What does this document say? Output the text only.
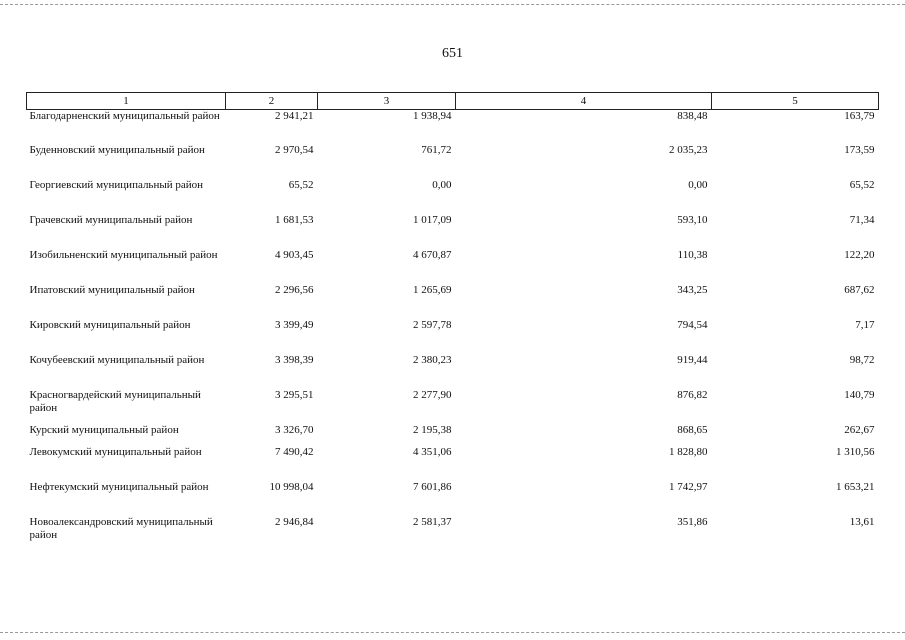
651
1	2	3	4	5
Благодарненский муниципальный район	2 941,21	1 938,94	838,48	163,79
Буденновский муниципальный район	2 970,54	761,72	2 035,23	173,59
Георгиевский муниципальный район	65,52	0,00	0,00	65,52
Грачевский муниципальный район	1 681,53	1 017,09	593,10	71,34
Изобильненский муниципальный район	4 903,45	4 670,87	110,38	122,20
Ипатовский муниципальный район	2 296,56	1 265,69	343,25	687,62
Кировский муниципальный район	3 399,49	2 597,78	794,54	7,17
Кочубеевский муниципальный район	3 398,39	2 380,23	919,44	98,72
Красногвардейский муниципальный район	3 295,51	2 277,90	876,82	140,79
Курский муниципальный район	3 326,70	2 195,38	868,65	262,67
Левокумский муниципальный район	7 490,42	4 351,06	1 828,80	1 310,56
Нефтекумский муниципальный район	10 998,04	7 601,86	1 742,97	1 653,21
Новоалександровский муниципальный район	2 946,84	2 581,37	351,86	13,61
